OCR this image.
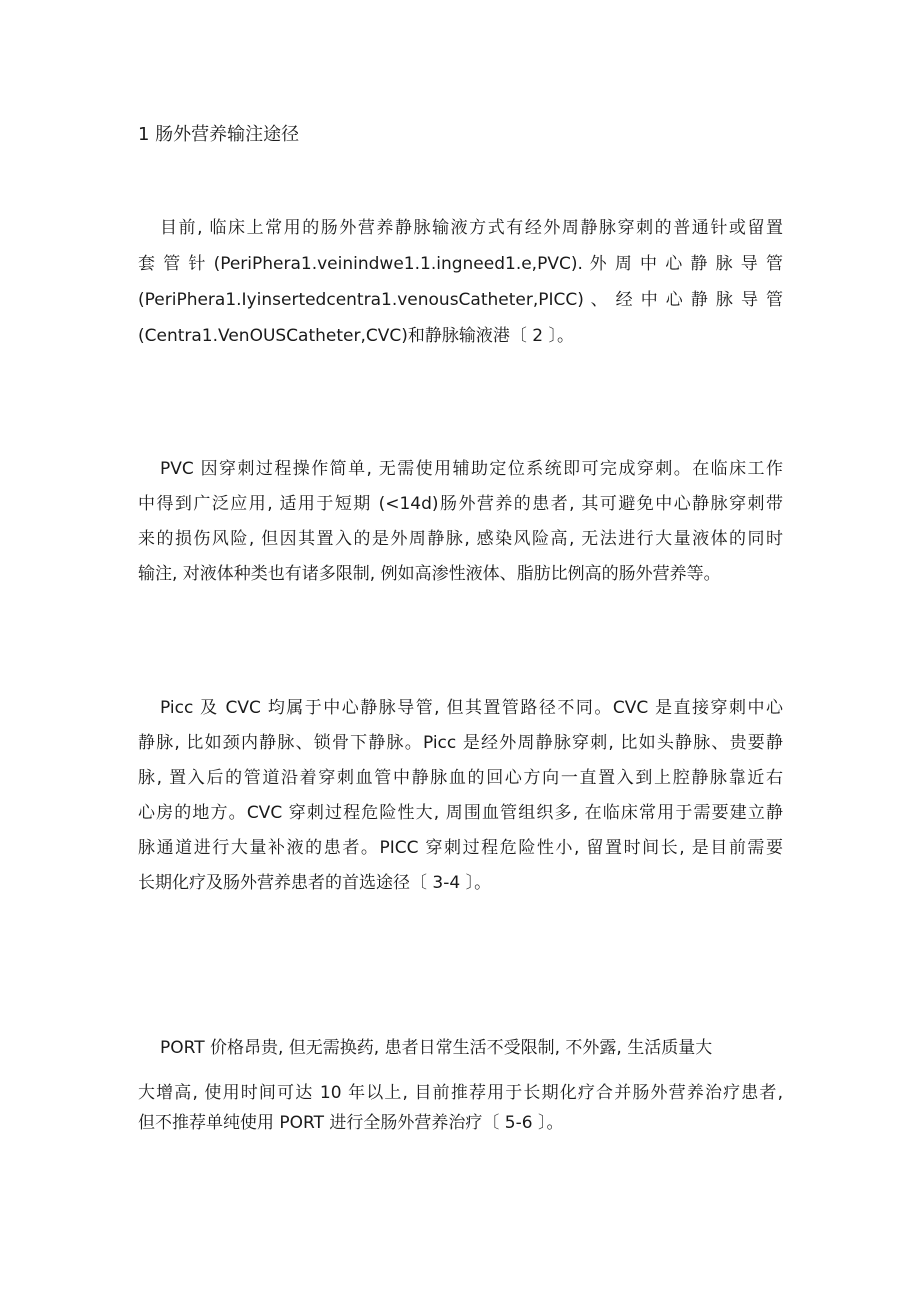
1 肠外营养输注途径

目前, 临床上常用的肠外营养静脉输液方式有经外周静脉穿刺的普通针或留置
套 管 针 (PeriPhera1.veinindwe1.1.ingneed1.e,PVC). 外 周 中 心 静 脉 导 管
(PeriPhera1.Iyinsertedcentra1.venousCatheter,PICC) 、 经 中 心 静 脉 导 管
(Centra1.VenOUSCatheter,CVC)和静脉输液港〔 2 〕。

PVC 因穿刺过程操作简单, 无需使用辅助定位系统即可完成穿刺。在临床工作
中得到广泛应用, 适用于短期 (<14d)肠外营养的患者, 其可避免中心静脉穿刺带
来的损伤风险, 但因其置入的是外周静脉, 感染风险高, 无法进行大量液体的同时
输注, 对液体种类也有诸多限制, 例如高渗性液体、脂肪比例高的肠外营养等。

Picc 及 CVC 均属于中心静脉导管, 但其置管路径不同。CVC 是直接穿刺中心
静脉, 比如颈内静脉、锁骨下静脉。Picc 是经外周静脉穿刺, 比如头静脉、贵要静
脉, 置入后的管道沿着穿刺血管中静脉血的回心方向一直置入到上腔静脉靠近右
心房的地方。CVC 穿刺过程危险性大, 周围血管组织多, 在临床常用于需要建立静
脉通道进行大量补液的患者。PICC 穿刺过程危险性小, 留置时间长, 是目前需要
长期化疗及肠外营养患者的首选途径〔 3-4 〕。

PORT 价格昂贵, 但无需换药, 患者日常生活不受限制, 不外露, 生活质量大
大增高, 使用时间可达 10 年以上, 目前推荐用于长期化疗合并肠外营养治疗患者,
但不推荐单纯使用 PORT 进行全肠外营养治疗〔 5-6 〕。
